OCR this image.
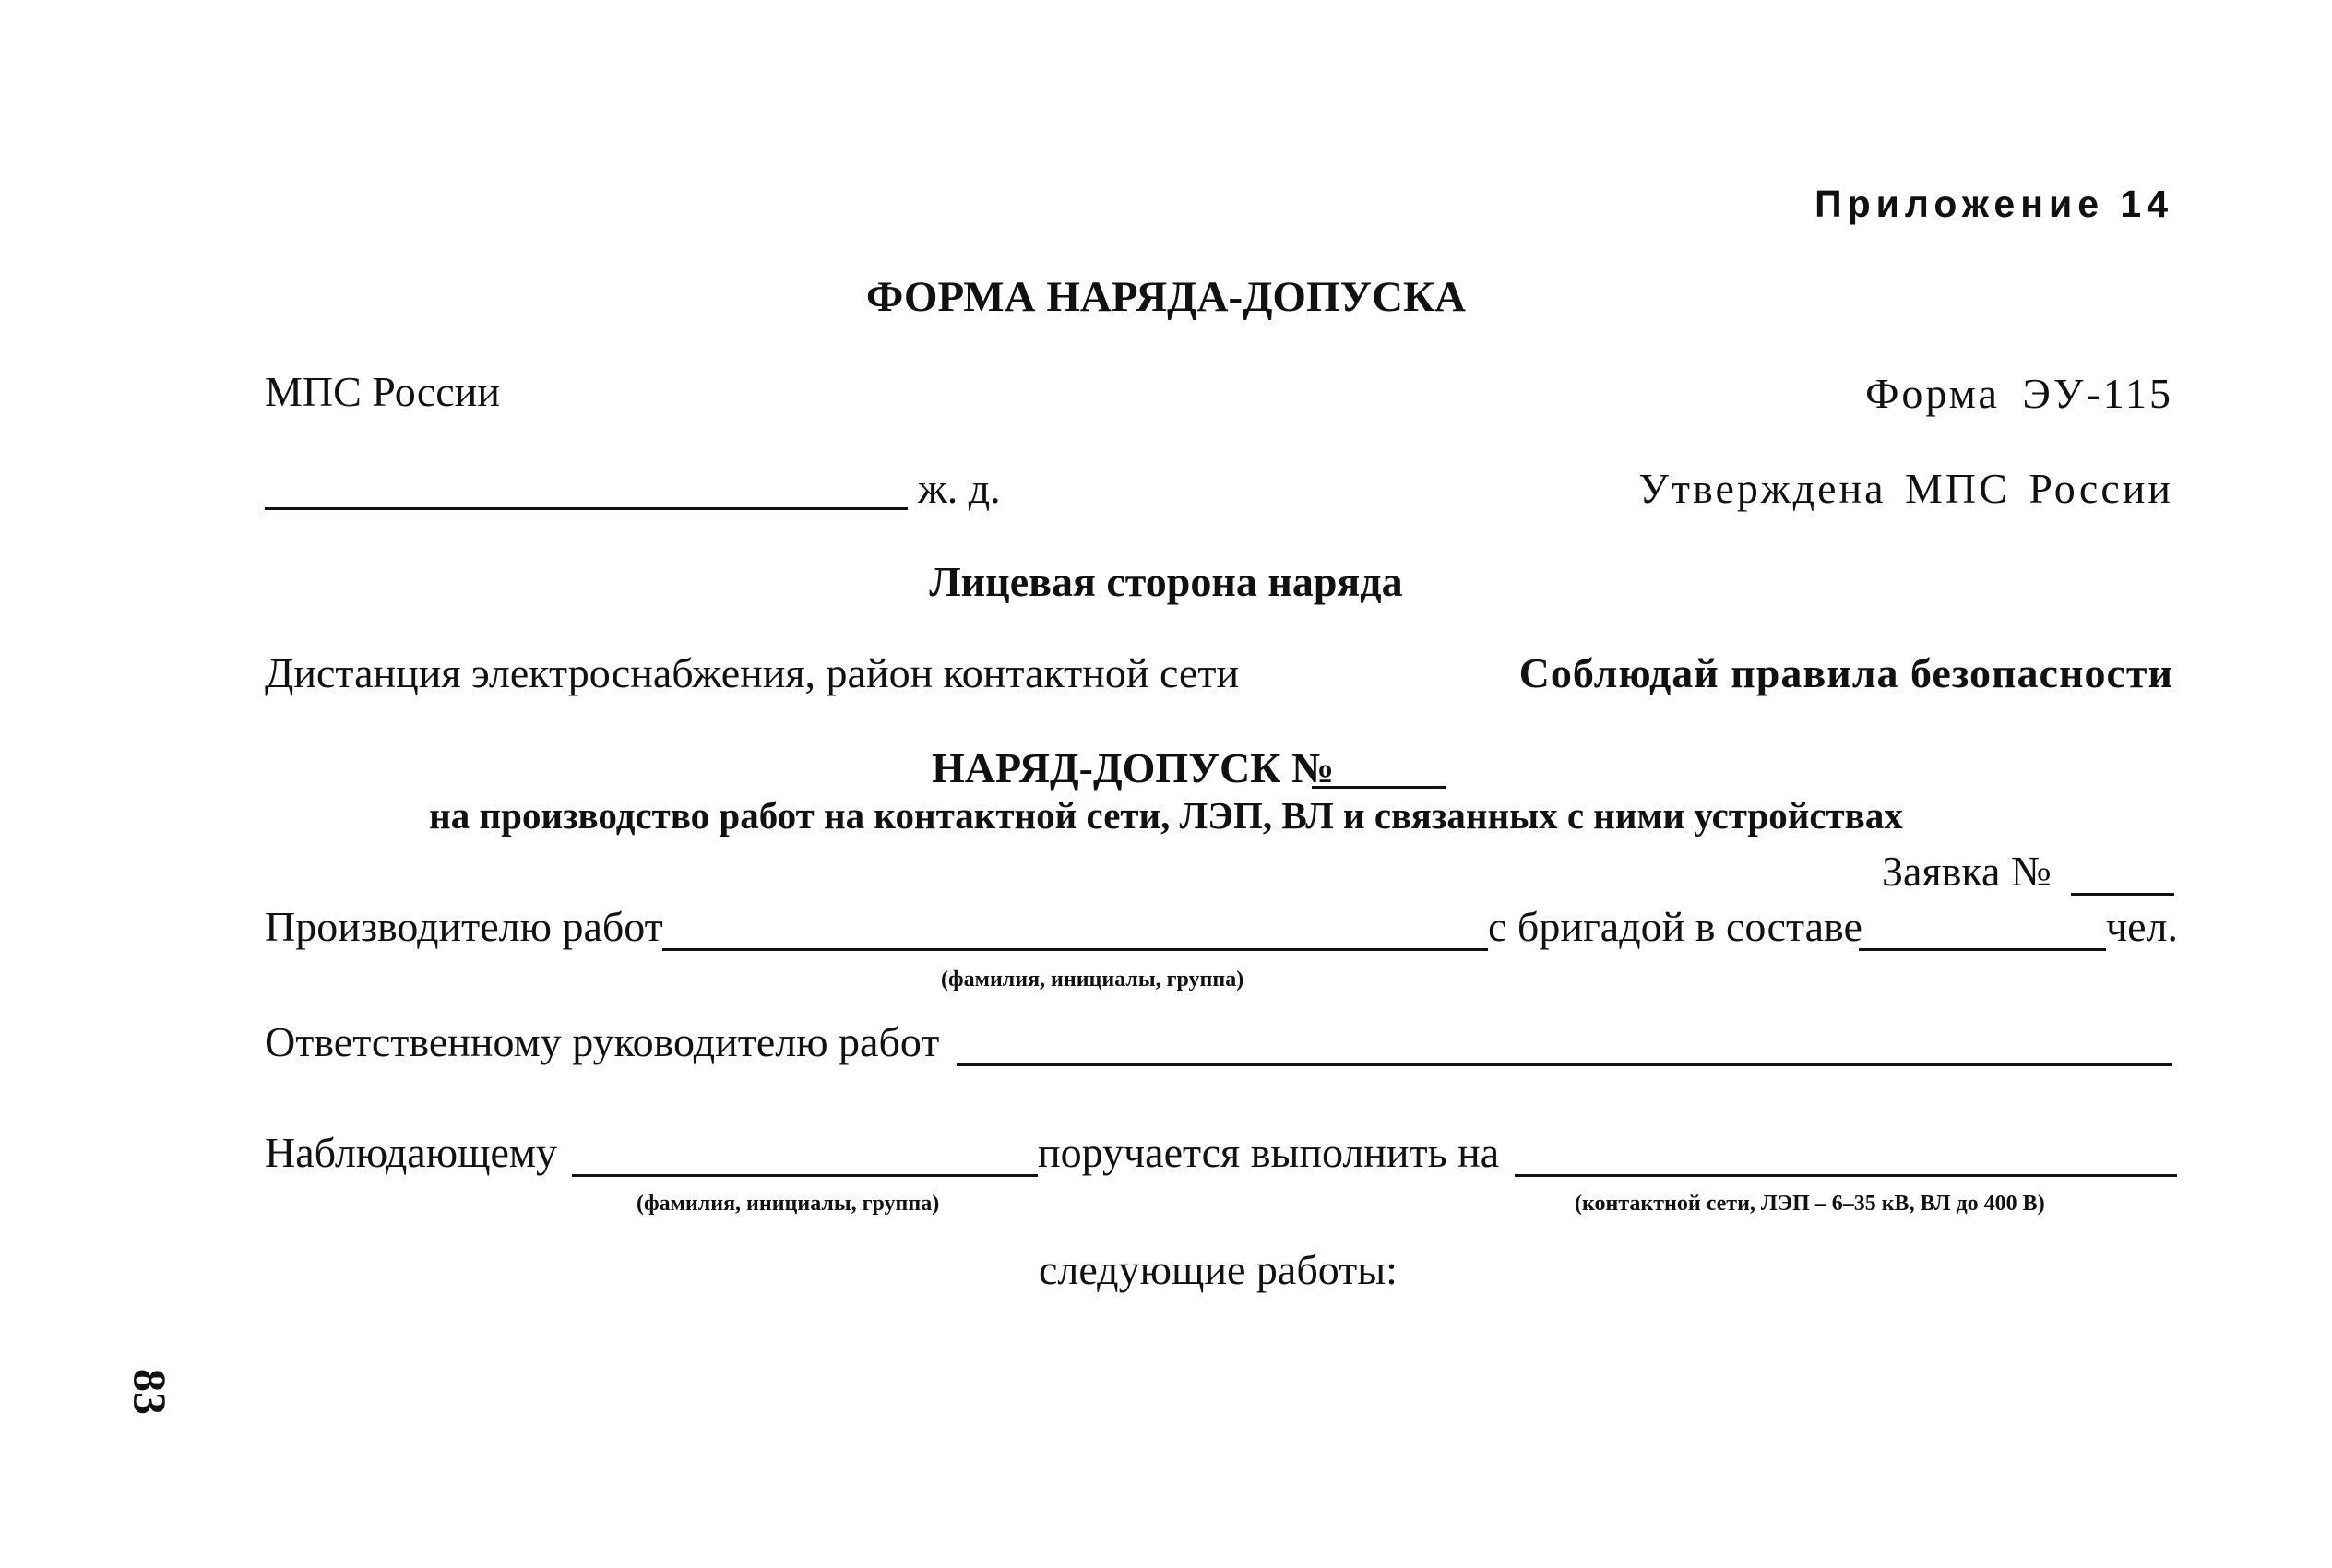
Приложение 14
ФОРМА НАРЯДА-ДОПУСКА
МПС России	Форма ЭУ-115
ж. д.	Утверждена МПС России
Лицевая сторона наряда
Дистанция электроснабжения, район контактной сети	Соблюдай правила безопасности
НАРЯД-ДОПУСК №
на производство работ на контактной сети, ЛЭП, ВЛ и связанных с ними устройствах
Заявка №
Производителю работ	с бригадой в составе	чел.
(фамилия, инициалы, группа)
Ответственному руководителю работ
Наблюдающему	поручается выполнить на
(фамилия, инициалы, группа)	(контактной сети, ЛЭП – 6–35 кВ, ВЛ до 400 В)
следующие работы:
83
